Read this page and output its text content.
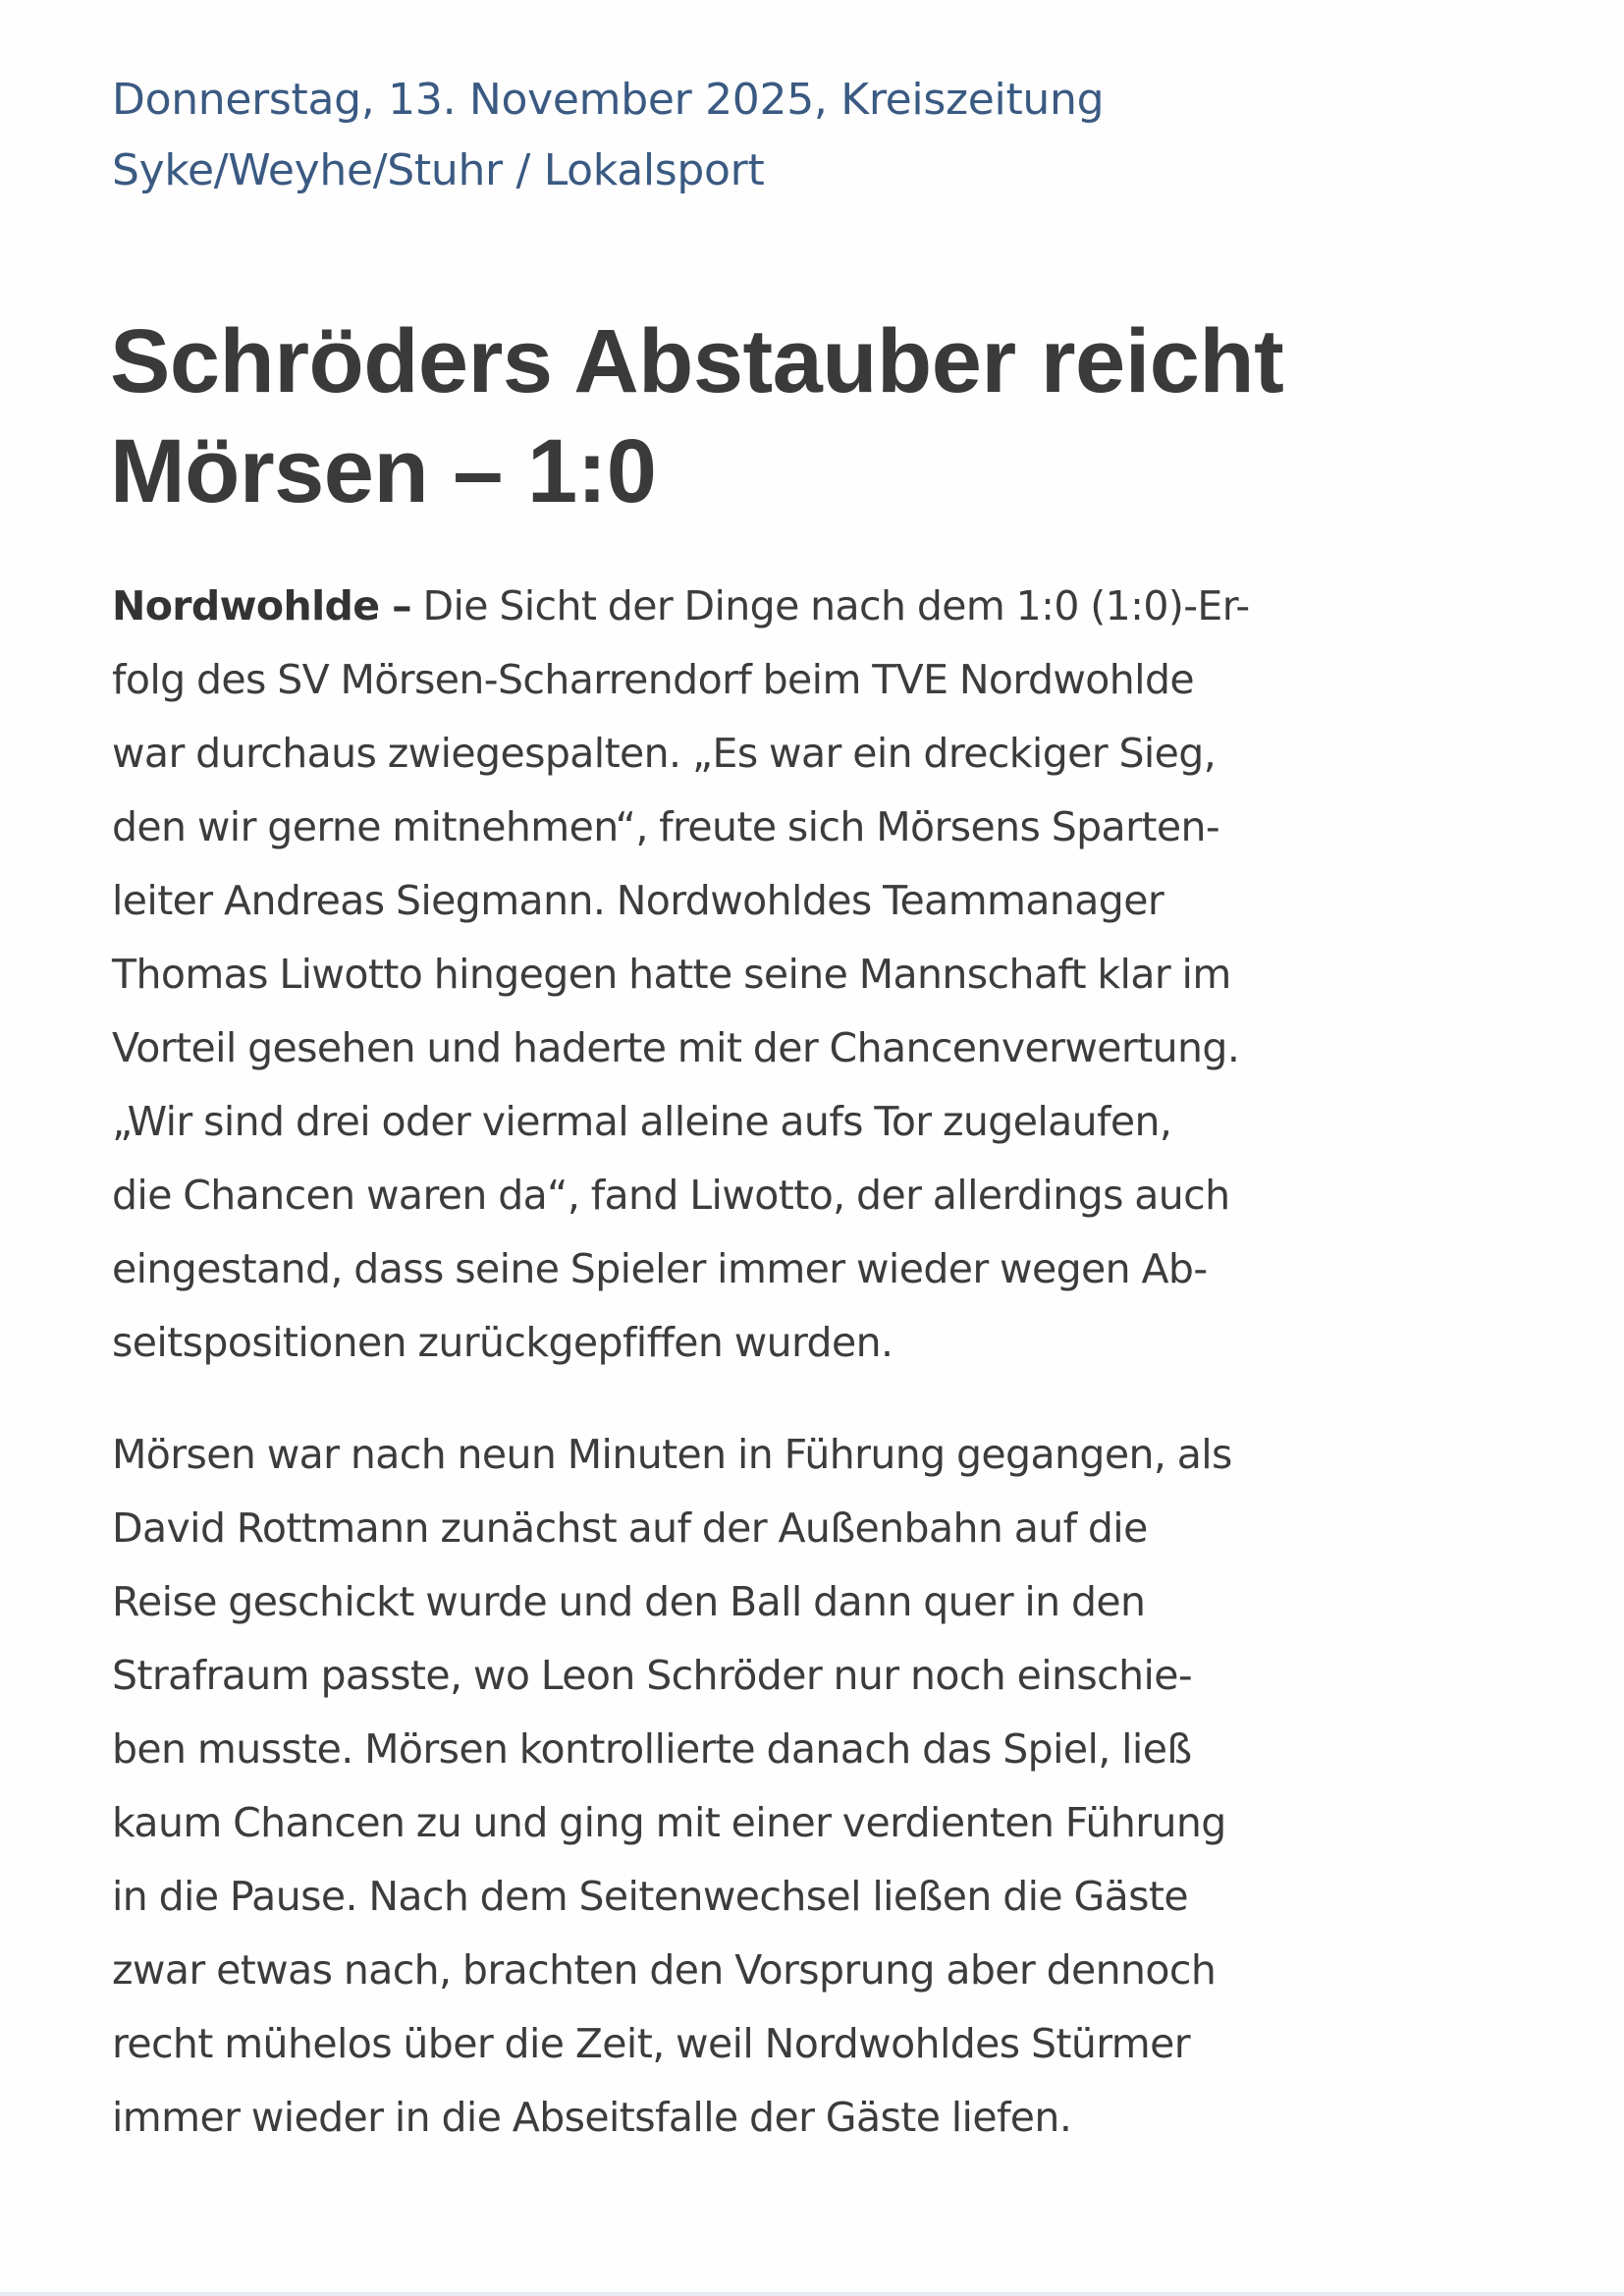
Donnerstag, 13. November 2025, Kreiszeitung
Syke/Weyhe/Stuhr / Lokalsport
Schröders Abstauber reicht
Mörsen – 1:0
Nordwohlde – Die Sicht der Dinge nach dem 1:0 (1:0)-Er-
folg des SV Mörsen-Scharrendorf beim TVE Nordwohlde
war durchaus zwiegespalten. „Es war ein dreckiger Sieg,
den wir gerne mitnehmen“, freute sich Mörsens Sparten-
leiter Andreas Siegmann. Nordwohldes Teammanager
Thomas Liwotto hingegen hatte seine Mannschaft klar im
Vorteil gesehen und haderte mit der Chancenverwertung.
„Wir sind drei oder viermal alleine aufs Tor zugelaufen,
die Chancen waren da“, fand Liwotto, der allerdings auch
eingestand, dass seine Spieler immer wieder wegen Ab-
seitspositionen zurückgepfiffen wurden.
Mörsen war nach neun Minuten in Führung gegangen, als
David Rottmann zunächst auf der Außenbahn auf die
Reise geschickt wurde und den Ball dann quer in den
Strafraum passte, wo Leon Schröder nur noch einschie-
ben musste. Mörsen kontrollierte danach das Spiel, ließ
kaum Chancen zu und ging mit einer verdienten Führung
in die Pause. Nach dem Seitenwechsel ließen die Gäste
zwar etwas nach, brachten den Vorsprung aber dennoch
recht mühelos über die Zeit, weil Nordwohldes Stürmer
immer wieder in die Abseitsfalle der Gäste liefen.
